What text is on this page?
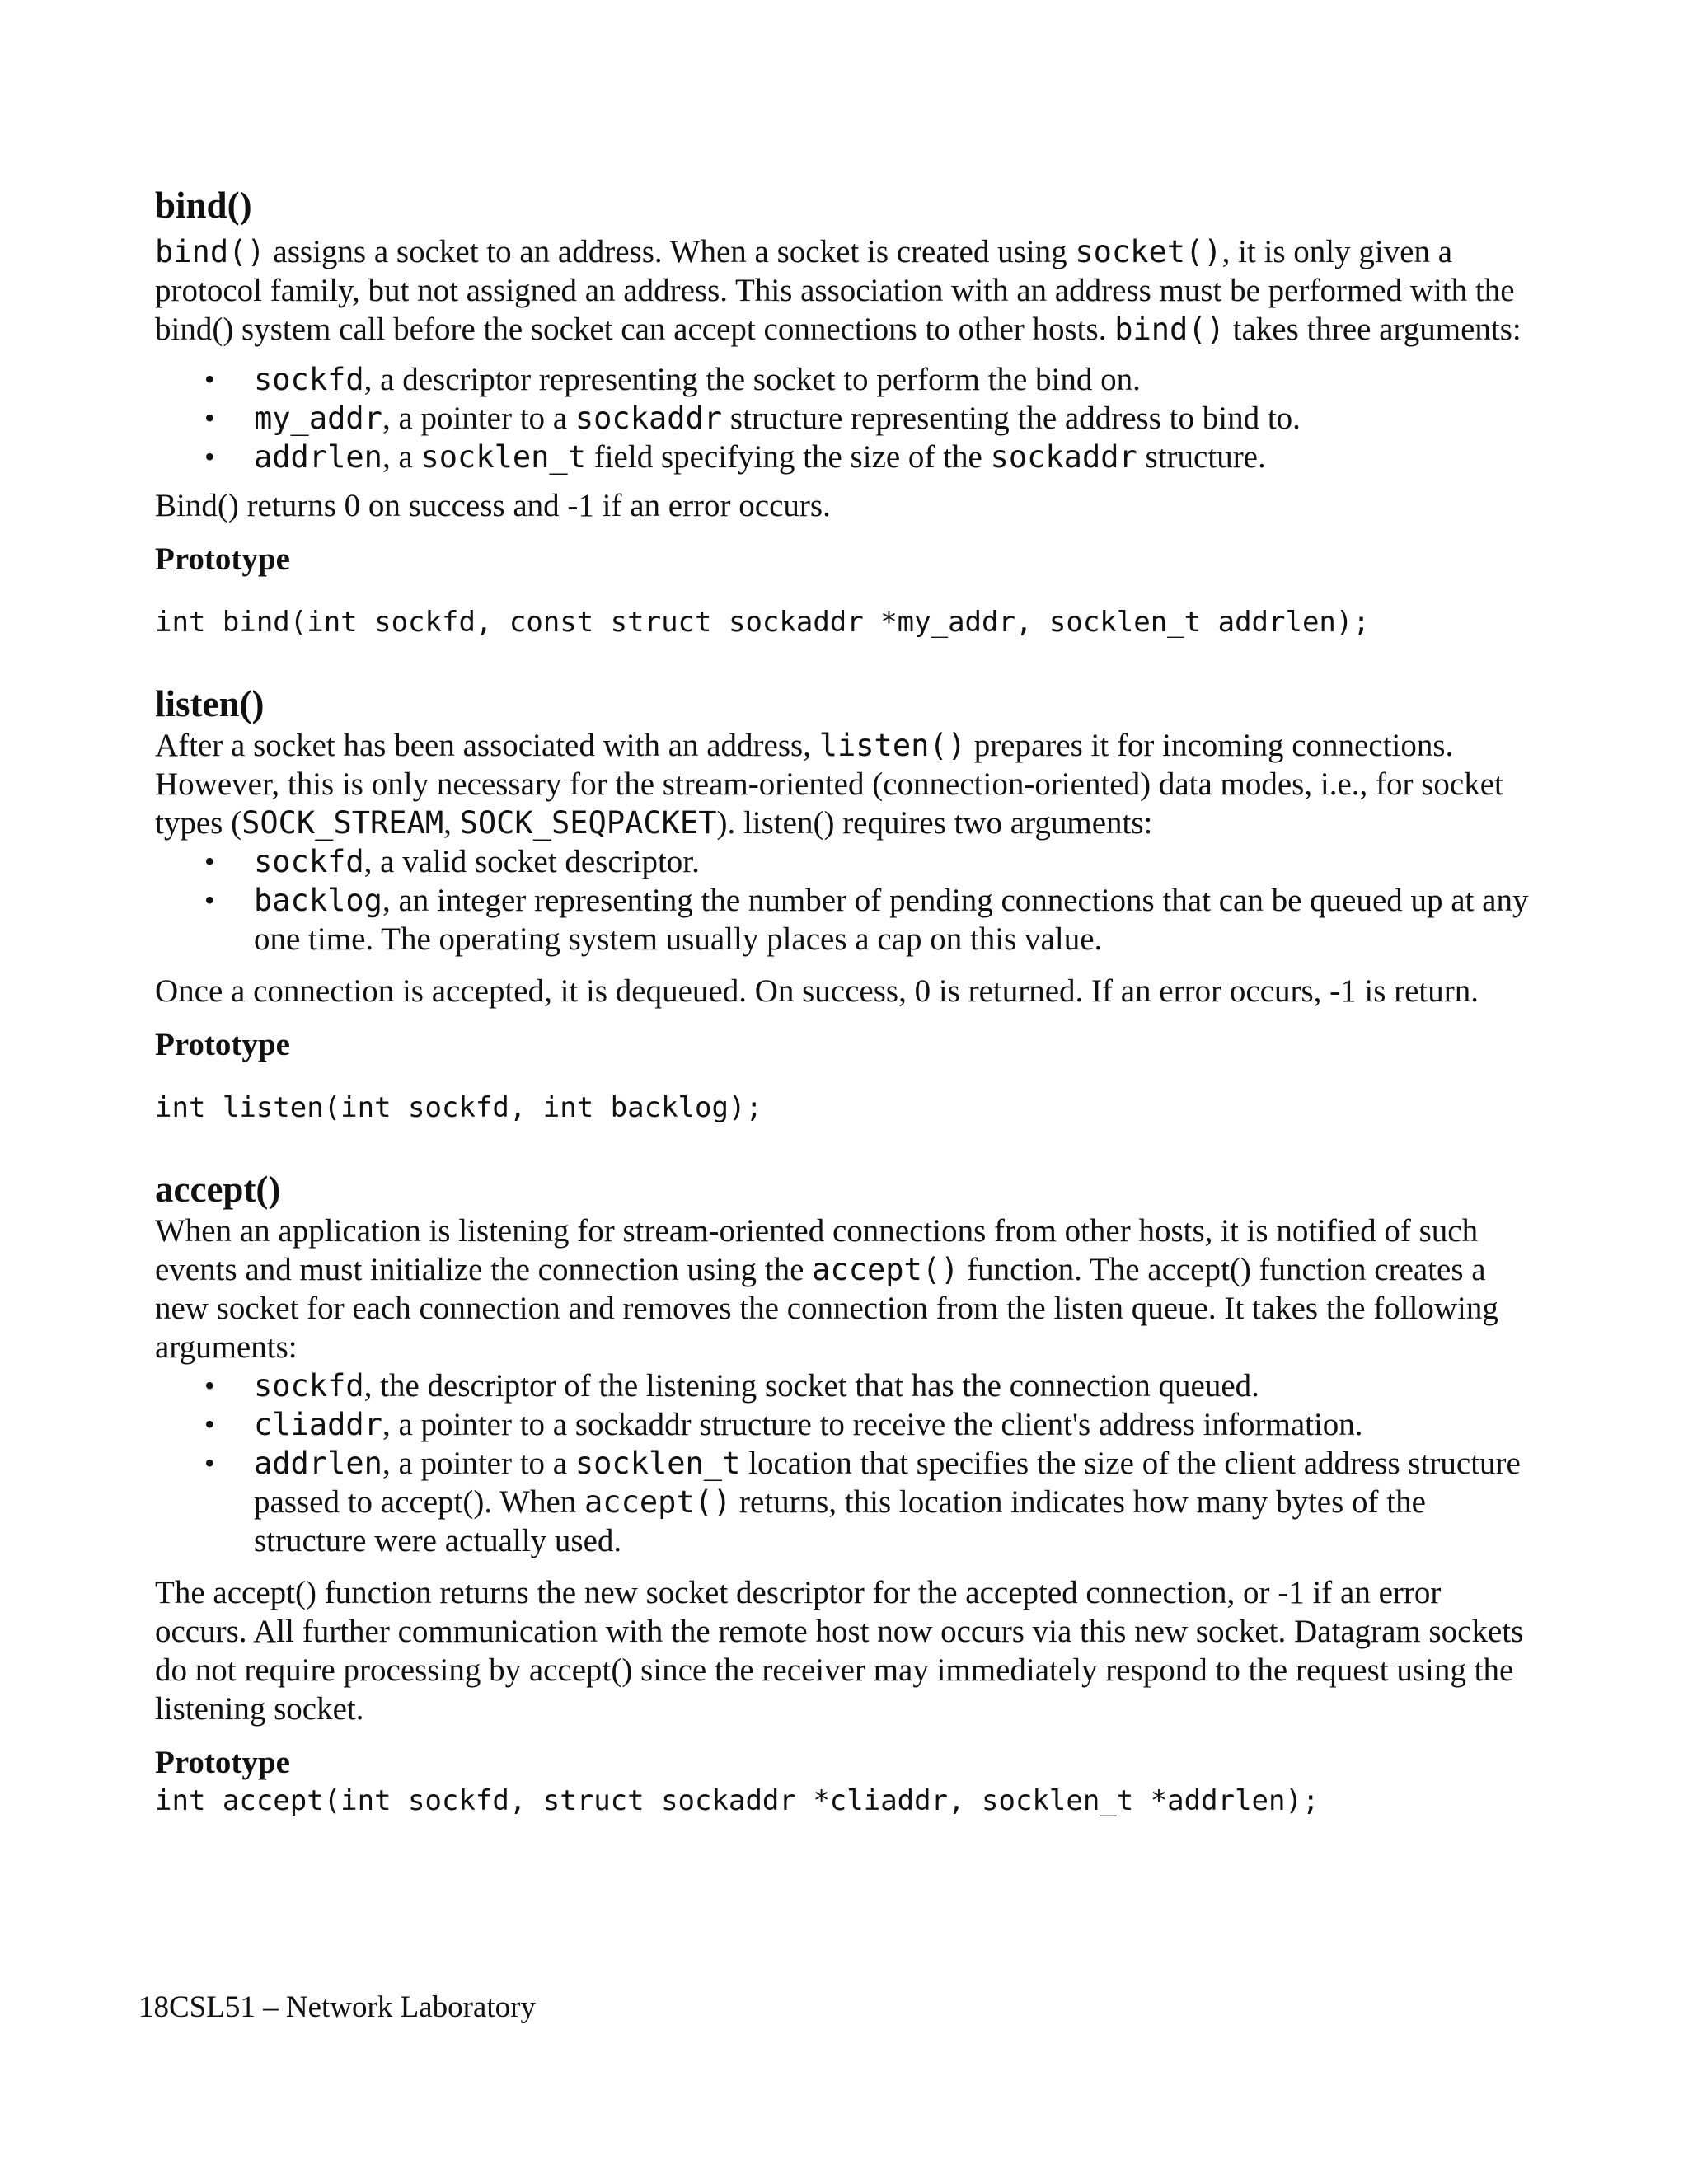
bind()

bind() assigns a socket to an address. When a socket is created using socket(), it is only given a protocol family, but not assigned an address. This association with an address must be performed with the bind() system call before the socket can accept connections to other hosts. bind() takes three arguments:

• sockfd, a descriptor representing the socket to perform the bind on.
• my_addr, a pointer to a sockaddr structure representing the address to bind to.
• addrlen, a socklen_t field specifying the size of the sockaddr structure.

Bind() returns 0 on success and -1 if an error occurs.

Prototype

int bind(int sockfd, const struct sockaddr *my_addr, socklen_t addrlen);

listen()

After a socket has been associated with an address, listen() prepares it for incoming connections. However, this is only necessary for the stream-oriented (connection-oriented) data modes, i.e., for socket types (SOCK_STREAM, SOCK_SEQPACKET). listen() requires two arguments:

• sockfd, a valid socket descriptor.
• backlog, an integer representing the number of pending connections that can be queued up at any one time. The operating system usually places a cap on this value.

Once a connection is accepted, it is dequeued. On success, 0 is returned. If an error occurs, -1 is return.

Prototype

int listen(int sockfd, int backlog);

accept()

When an application is listening for stream-oriented connections from other hosts, it is notified of such events and must initialize the connection using the accept() function. The accept() function creates a new socket for each connection and removes the connection from the listen queue. It takes the following arguments:

• sockfd, the descriptor of the listening socket that has the connection queued.
• cliaddr, a pointer to a sockaddr structure to receive the client's address information.
• addrlen, a pointer to a socklen_t location that specifies the size of the client address structure passed to accept(). When accept() returns, this location indicates how many bytes of the structure were actually used.

The accept() function returns the new socket descriptor for the accepted connection, or -1 if an error occurs. All further communication with the remote host now occurs via this new socket. Datagram sockets do not require processing by accept() since the receiver may immediately respond to the request using the listening socket.

Prototype

int accept(int sockfd, struct sockaddr *cliaddr, socklen_t *addrlen);

18CSL51 – Network Laboratory
